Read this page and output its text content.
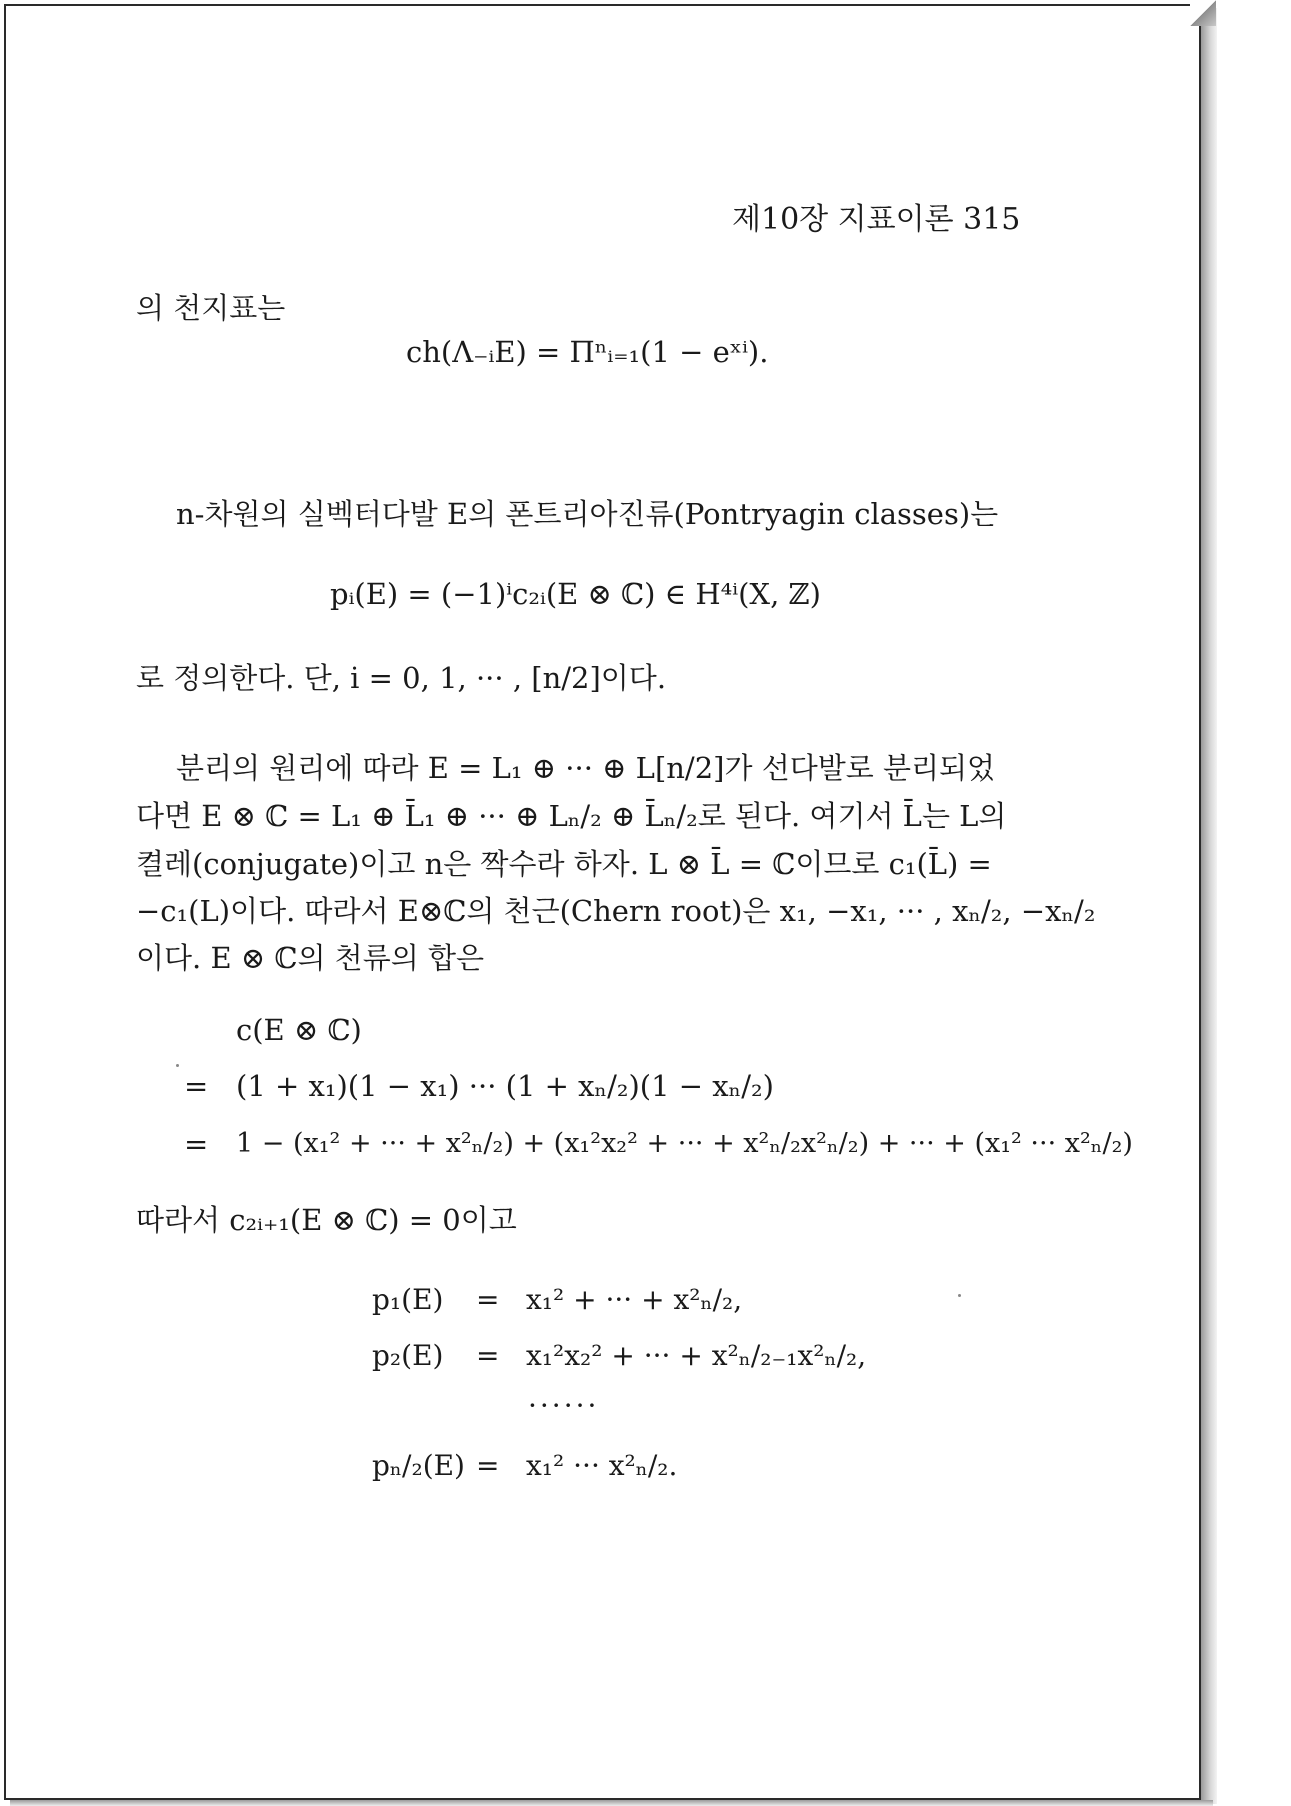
제10장 지표이론 315
의 천지표는
ch(Λ₋ᵢE) = Πⁿᵢ₌₁(1 − eˣⁱ).
n-차원의 실벡터다발 E의 폰트리아진류(Pontryagin classes)는
pᵢ(E) = (−1)ⁱc₂ᵢ(E ⊗ ℂ) ∈ H⁴ⁱ(X, ℤ)
로 정의한다. 단, i = 0, 1, ··· , [n/2]이다.
분리의 원리에 따라 E = L₁ ⊕ ··· ⊕ L[n/2]가 선다발로 분리되었
다면 E ⊗ ℂ = L₁ ⊕ L̄₁ ⊕ ··· ⊕ Lₙ/₂ ⊕ L̄ₙ/₂로 된다. 여기서 L̄는 L의
켤레(conjugate)이고 n은 짝수라 하자. L ⊗ L̄ = ℂ이므로 c₁(L̄) =
−c₁(L)이다. 따라서 E⊗ℂ의 천근(Chern root)은 x₁, −x₁, ··· , xₙ/₂, −xₙ/₂
이다. E ⊗ ℂ의 천류의 합은
c(E ⊗ ℂ)
= (1 + x₁)(1 − x₁) ··· (1 + xₙ/₂)(1 − xₙ/₂)
= 1 − (x₁² + ··· + x²ₙ/₂) + (x₁²x₂² + ··· + x²ₙ/₂x²ₙ/₂) + ··· + (x₁² ··· x²ₙ/₂)
따라서 c₂ᵢ₊₁(E ⊗ ℂ) = 0이고
p₁(E) = x₁² + ··· + x²ₙ/₂,
p₂(E) = x₁²x₂² + ··· + x²ₙ/₂₋₁x²ₙ/₂,
······
pₙ/₂(E) = x₁² ··· x²ₙ/₂.
